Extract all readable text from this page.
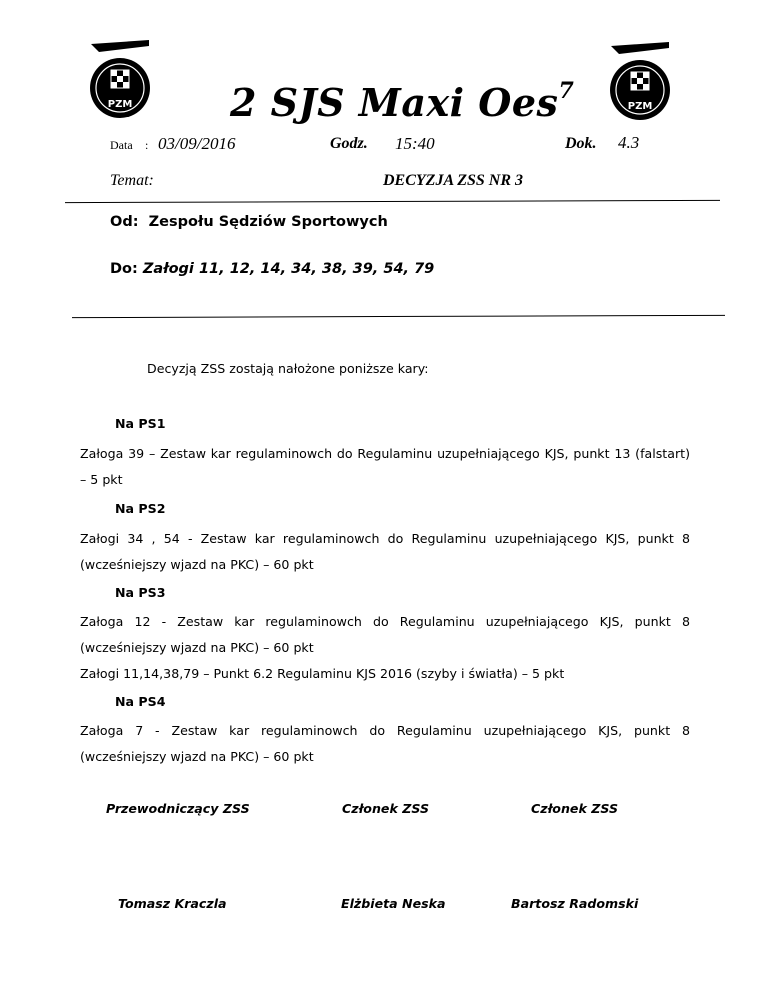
PZM	PZM
2 SJS Maxi Oes$^7$
Data : 03/09/2016	Godz. 15:40	Dok. 4.3
Temat:	DECYZJA ZSS NR 3
Od: Zespołu Sędziów Sportowych
Do: Załogi 11, 12, 14, 34, 38, 39, 54, 79
Decyzją ZSS zostają nałożone poniższe kary:
Na PS1
Załoga 39 – Zestaw kar regulaminowch do Regulaminu uzupełniającego KJS, punkt 13 (falstart) – 5 pkt
Na PS2
Załogi 34 , 54 - Zestaw kar regulaminowch do Regulaminu uzupełniającego KJS, punkt 8 (wcześniejszy wjazd na PKC) – 60 pkt
Na PS3
Załoga 12 - Zestaw kar regulaminowch do Regulaminu uzupełniającego KJS, punkt 8 (wcześniejszy wjazd na PKC) – 60 pkt
Załogi 11,14,38,79 – Punkt 6.2 Regulaminu KJS 2016 (szyby i światła) – 5 pkt
Na PS4
Załoga 7 - Zestaw kar regulaminowch do Regulaminu uzupełniającego KJS, punkt 8 (wcześniejszy wjazd na PKC) – 60 pkt
Przewodniczący ZSS	Członek ZSS	Członek ZSS
Tomasz Kraczla	Elżbieta Neska	Bartosz Radomski
